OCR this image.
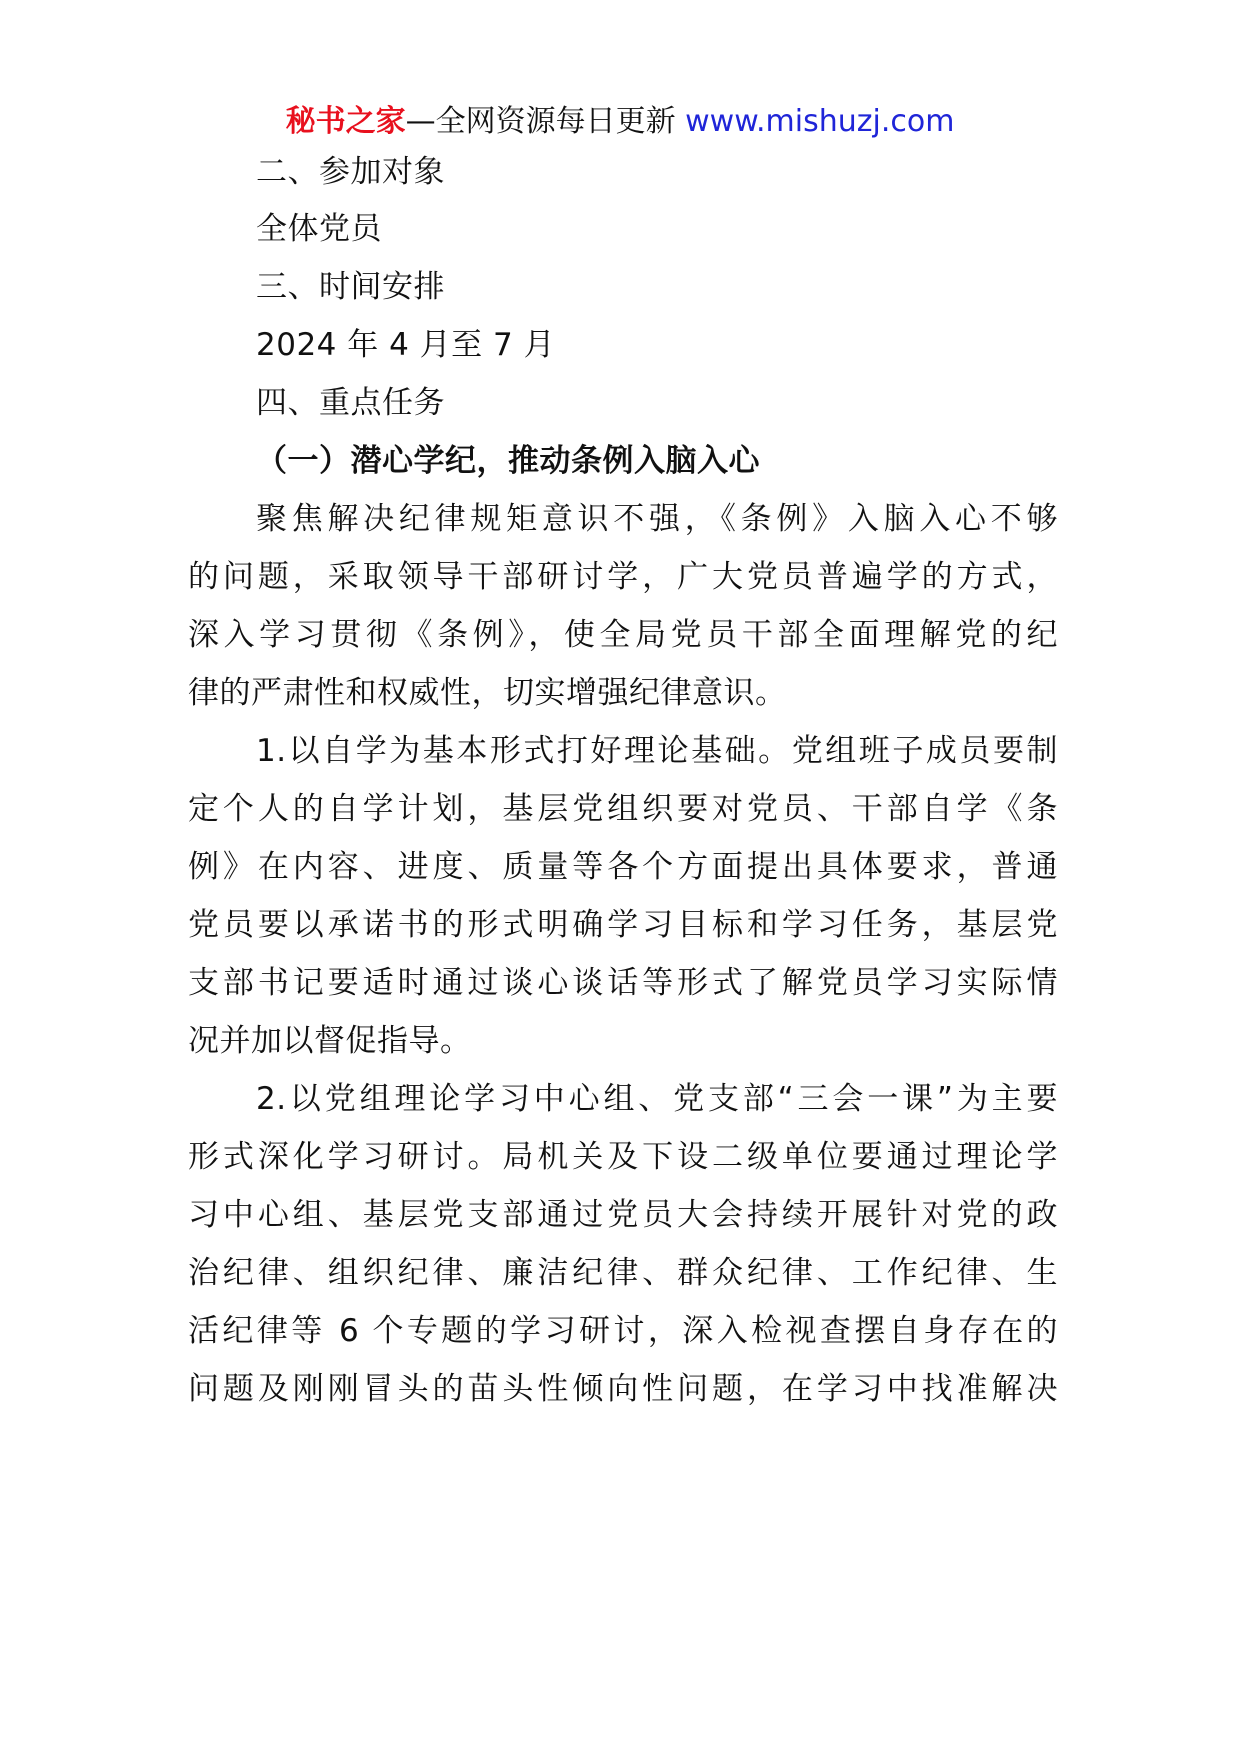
秘书之家—全网资源每日更新 www.mishuzj.com
二、参加对象
全体党员
三、时间安排
2024 年 4 月至 7 月
四、重点任务
（一）潜心学纪，推动条例入脑入心
聚焦解决纪律规矩意识不强，《条例》入脑入心不够
的问题，采取领导干部研讨学，广大党员普遍学的方式，
深入学习贯彻《条例》，使全局党员干部全面理解党的纪
律的严肃性和权威性，切实增强纪律意识。
1.以自学为基本形式打好理论基础。党组班子成员要制
定个人的自学计划，基层党组织要对党员、干部自学《条
例》在内容、进度、质量等各个方面提出具体要求，普通
党员要以承诺书的形式明确学习目标和学习任务，基层党
支部书记要适时通过谈心谈话等形式了解党员学习实际情
况并加以督促指导。
2.以党组理论学习中心组、党支部“三会一课”为主要
形式深化学习研讨。局机关及下设二级单位要通过理论学
习中心组、基层党支部通过党员大会持续开展针对党的政
治纪律、组织纪律、廉洁纪律、群众纪律、工作纪律、生
活纪律等 6 个专题的学习研讨，深入检视查摆自身存在的
问题及刚刚冒头的苗头性倾向性问题，在学习中找准解决
